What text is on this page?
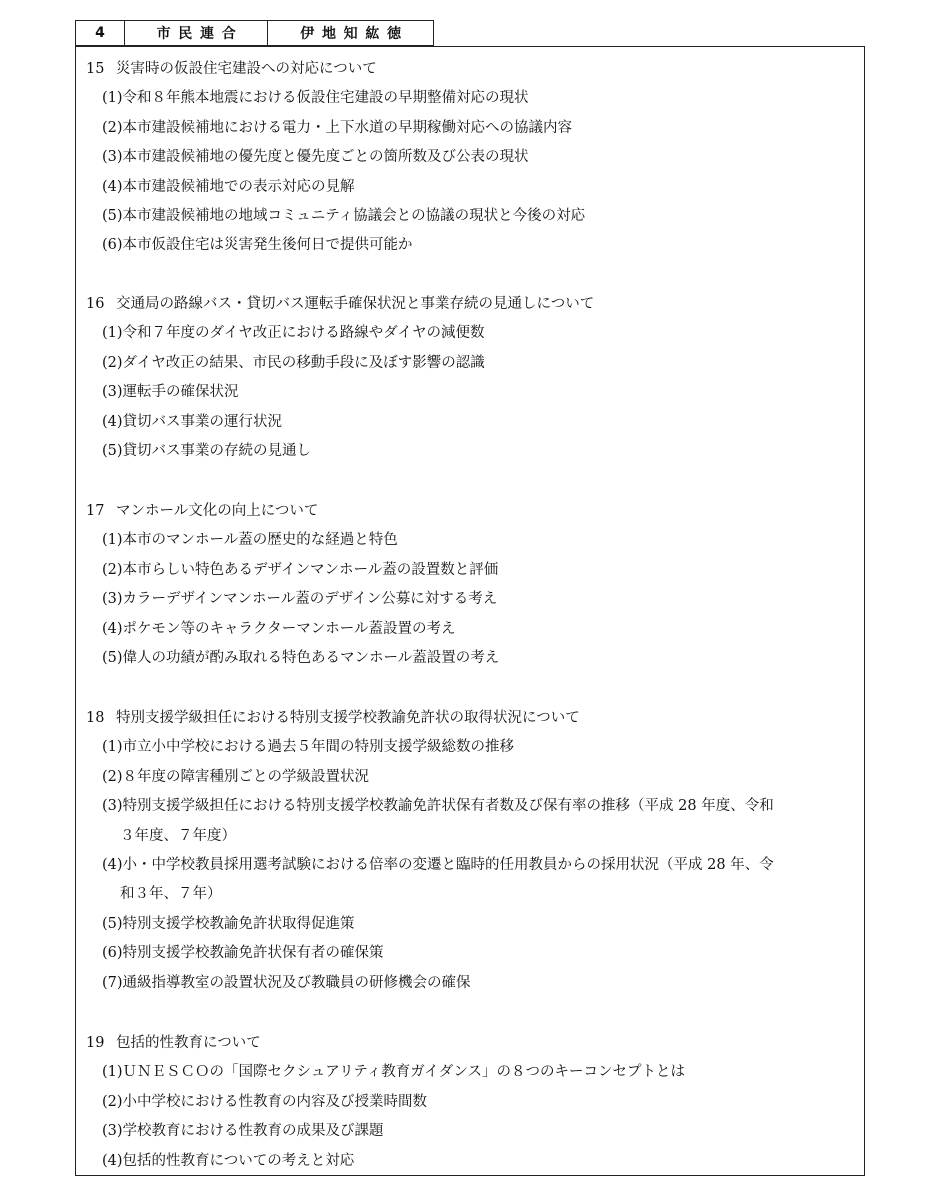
4	市民連合	伊地知紘徳
15 災害時の仮設住宅建設への対応について
(1)令和８年熊本地震における仮設住宅建設の早期整備対応の現状
(2)本市建設候補地における電力・上下水道の早期稼働対応への協議内容
(3)本市建設候補地の優先度と優先度ごとの箇所数及び公表の現状
(4)本市建設候補地での表示対応の見解
(5)本市建設候補地の地域コミュニティ協議会との協議の現状と今後の対応
(6)本市仮設住宅は災害発生後何日で提供可能か
16 交通局の路線バス・貸切バス運転手確保状況と事業存続の見通しについて
(1)令和７年度のダイヤ改正における路線やダイヤの減便数
(2)ダイヤ改正の結果、市民の移動手段に及ぼす影響の認識
(3)運転手の確保状況
(4)貸切バス事業の運行状況
(5)貸切バス事業の存続の見通し
17 マンホール文化の向上について
(1)本市のマンホール蓋の歴史的な経過と特色
(2)本市らしい特色あるデザインマンホール蓋の設置数と評価
(3)カラーデザインマンホール蓋のデザイン公募に対する考え
(4)ポケモン等のキャラクターマンホール蓋設置の考え
(5)偉人の功績が酌み取れる特色あるマンホール蓋設置の考え
18 特別支援学級担任における特別支援学校教諭免許状の取得状況について
(1)市立小中学校における過去５年間の特別支援学級総数の推移
(2)８年度の障害種別ごとの学級設置状況
(3)特別支援学級担任における特別支援学校教諭免許状保有者数及び保有率の推移（平成 28 年度、令和
３年度、７年度）
(4)小・中学校教員採用選考試験における倍率の変遷と臨時的任用教員からの採用状況（平成 28 年、令
和３年、７年）
(5)特別支援学校教諭免許状取得促進策
(6)特別支援学校教諭免許状保有者の確保策
(7)通級指導教室の設置状況及び教職員の研修機会の確保
19 包括的性教育について
(1)ＵＮＥＳＣＯの「国際セクシュアリティ教育ガイダンス」の８つのキーコンセプトとは
(2)小中学校における性教育の内容及び授業時間数
(3)学校教育における性教育の成果及び課題
(4)包括的性教育についての考えと対応
